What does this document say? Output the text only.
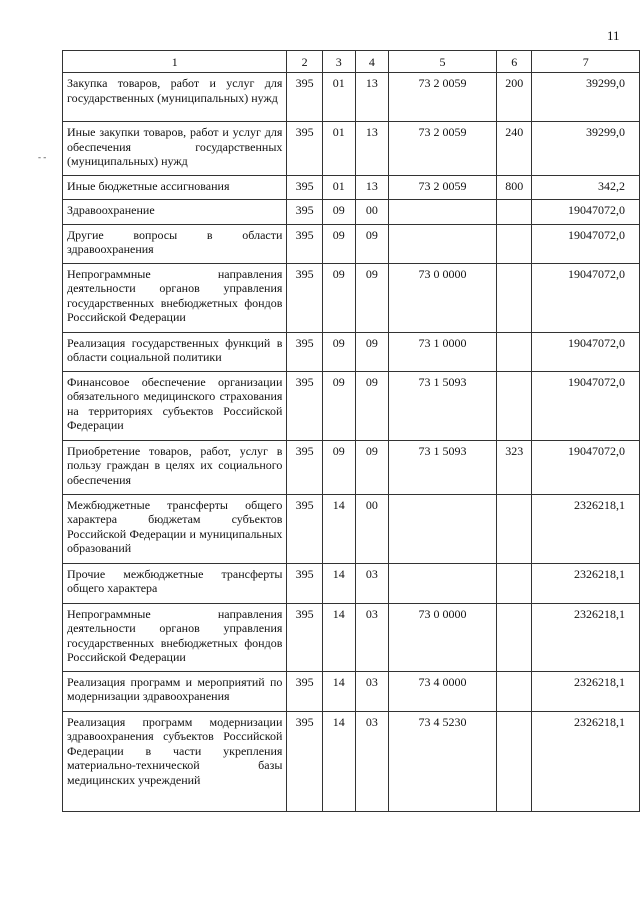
11
- -
1	2	3	4	5	6	7
Закупка товаров, работ и услуг для государственных (муниципальных) нужд	395	01	13	73 2 0059	200	39299,0
Иные закупки товаров, работ и услуг для обеспечения государственных (муниципальных) нужд	395	01	13	73 2 0059	240	39299,0
Иные бюджетные ассигнования	395	01	13	73 2 0059	800	342,2
Здравоохранение	395	09	00			19047072,0
Другие вопросы в области здравоохранения	395	09	09			19047072,0
Непрограммные направления деятельности органов управления государственных внебюджетных фондов Российской Федерации	395	09	09	73 0 0000		19047072,0
Реализация государственных функций в области социальной политики	395	09	09	73 1 0000		19047072,0
Финансовое обеспечение организации обязательного медицинского страхования на территориях субъектов Российской Федерации	395	09	09	73 1 5093		19047072,0
Приобретение товаров, работ, услуг в пользу граждан в целях их социального обеспечения	395	09	09	73 1 5093	323	19047072,0
Межбюджетные трансферты общего характера бюджетам субъектов Российской Федерации и муниципальных образований	395	14	00			2326218,1
Прочие межбюджетные трансферты общего характера	395	14	03			2326218,1
Непрограммные направления деятельности органов управления государственных внебюджетных фондов Российской Федерации	395	14	03	73 0 0000		2326218,1
Реализация программ и мероприятий по модернизации здравоохранения	395	14	03	73 4 0000		2326218,1
Реализация программ модернизации здравоохранения субъектов Российской Федерации в части укрепления материально-технической базы медицинских учреждений	395	14	03	73 4 5230		2326218,1
